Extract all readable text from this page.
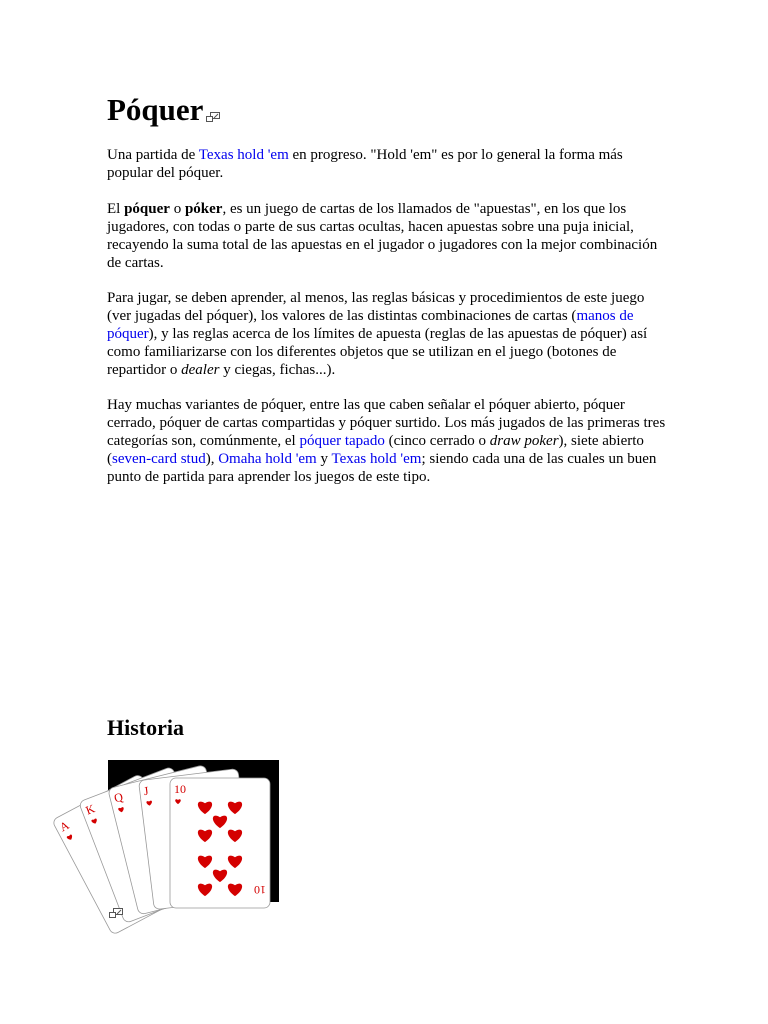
Póquer

Una partida de Texas hold 'em en progreso. "Hold 'em" es por lo general la forma más popular del póquer.

El póquer o póker, es un juego de cartas de los llamados de "apuestas", en los que los jugadores, con todas o parte de sus cartas ocultas, hacen apuestas sobre una puja inicial, recayendo la suma total de las apuestas en el jugador o jugadores con la mejor combinación de cartas.

Para jugar, se deben aprender, al menos, las reglas básicas y procedimientos de este juego (ver jugadas del póquer), los valores de las distintas combinaciones de cartas (manos de póquer), y las reglas acerca de los límites de apuesta (reglas de las apuestas de póquer) así como familiarizarse con los diferentes objetos que se utilizan en el juego (botones de repartidor o dealer y ciegas, fichas...).

Hay muchas variantes de póquer, entre las que caben señalar el póquer abierto, póquer cerrado, póquer de cartas compartidas y póquer surtido. Los más jugados de las primeras tres categorías son, comúnmente, el póquer tapado (cinco cerrado o draw poker), siete abierto (seven-card stud), Omaha hold 'em y Texas hold 'em; siendo cada una de las cuales un buen punto de partida para aprender los juegos de este tipo.

Historia
A
K
Q J 10
10
